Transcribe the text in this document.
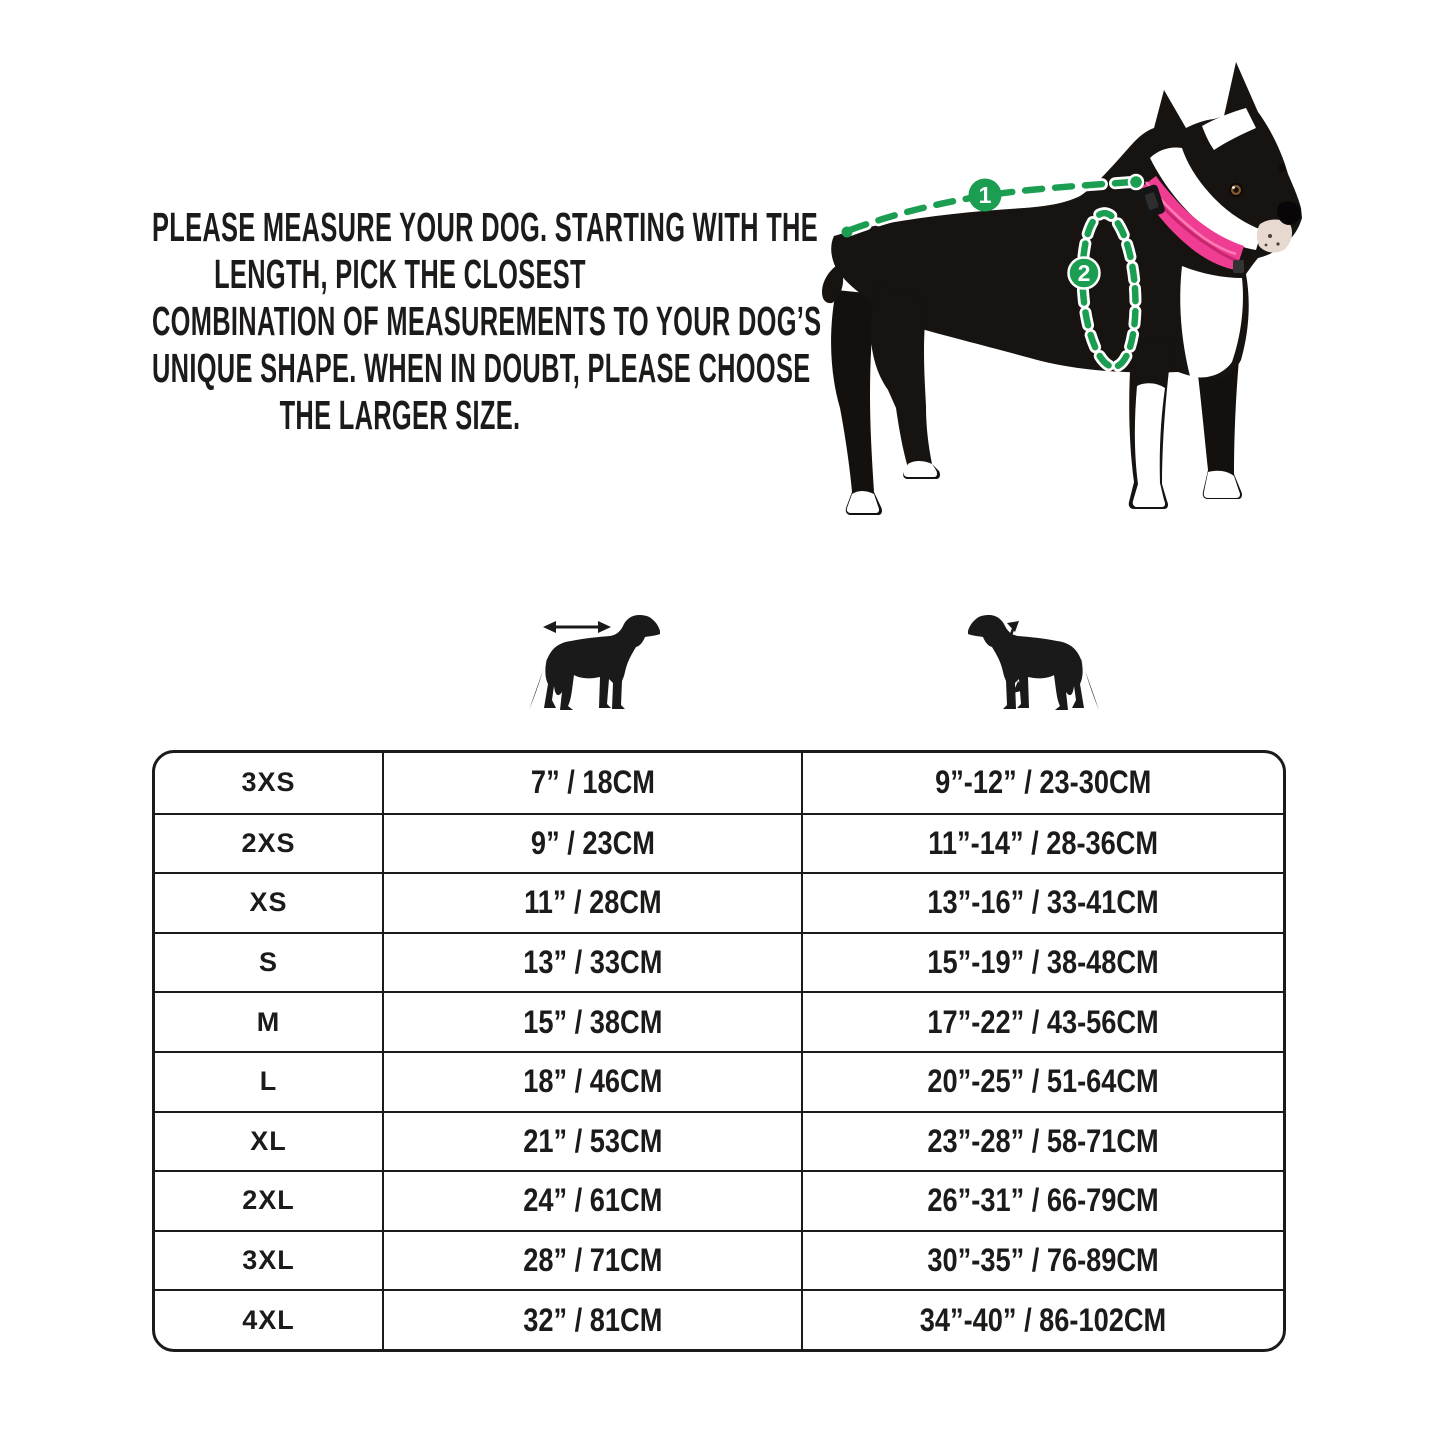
PLEASE MEASURE YOUR DOG. STARTING WITH THE
LENGTH, PICK THE CLOSEST
COMBINATION OF MEASUREMENTS TO YOUR DOG’S
UNIQUE SHAPE. WHEN IN DOUBT, PLEASE CHOOSE
THE LARGER SIZE.
1
2
3XS	7” / 18CM	9”-12” / 23-30CM
2XS	9” / 23CM	11”-14” / 28-36CM
XS	11” / 28CM	13”-16” / 33-41CM
S	13” / 33CM	15”-19” / 38-48CM
M	15” / 38CM	17”-22” / 43-56CM
L	18” / 46CM	20”-25” / 51-64CM
XL	21” / 53CM	23”-28” / 58-71CM
2XL	24” / 61CM	26”-31” / 66-79CM
3XL	28” / 71CM	30”-35” / 76-89CM
4XL	32” / 81CM	34”-40” / 86-102CM
